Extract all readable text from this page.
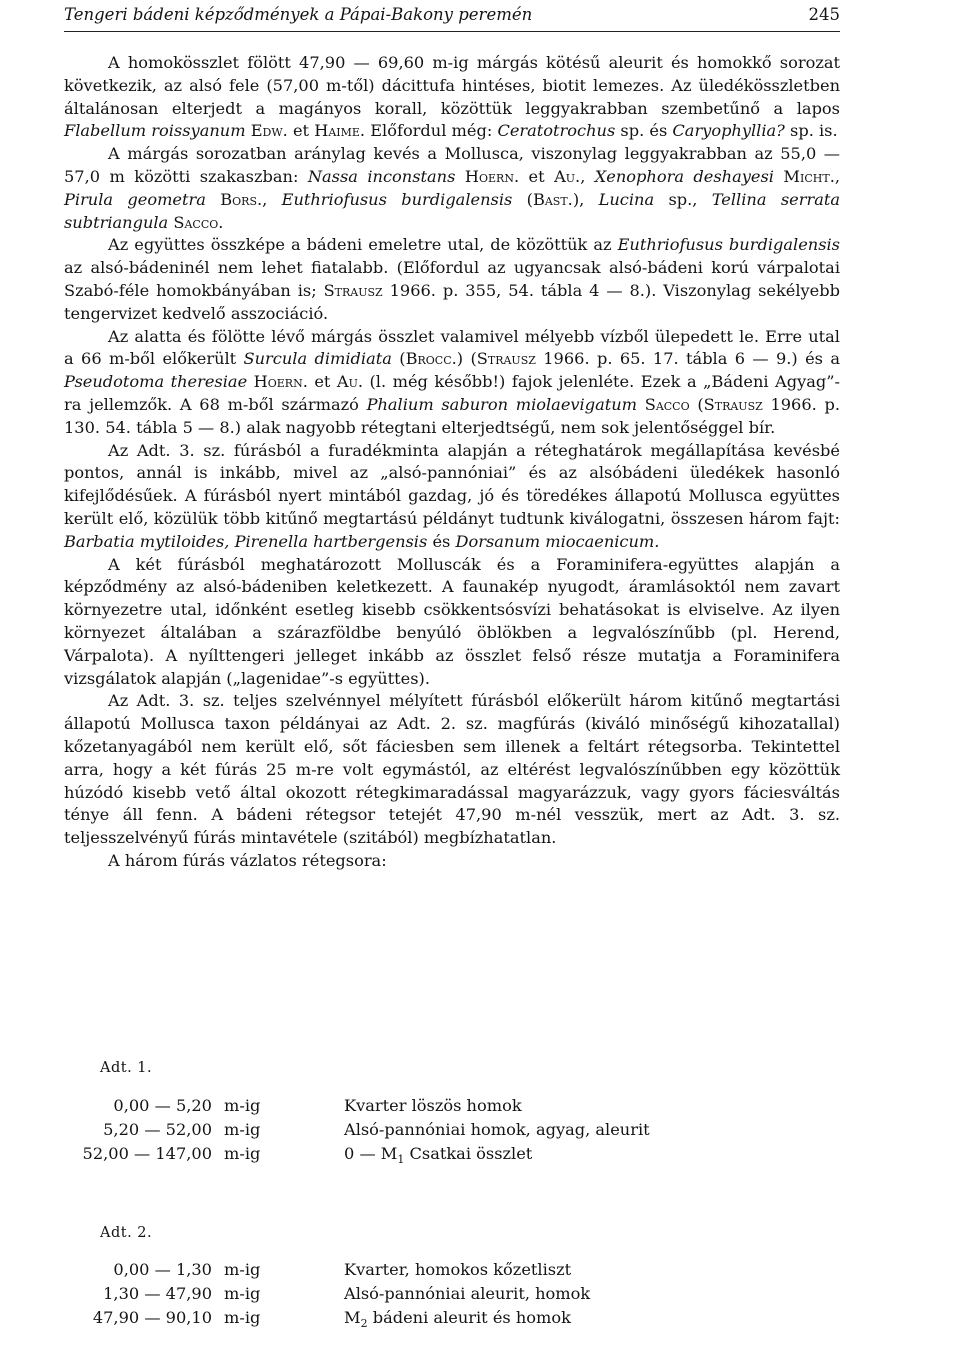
Tengeri bádeni képződmények a Pápai-Bakony peremén	245

A homokösszlet fölött 47,90 — 69,60 m-ig márgás kötésű aleurit és homokkő sorozat következik, az alsó fele (57,00 m-től) dácittufa hintéses, biotit lemezes. Az üledékösszletben általánosan elterjedt a magányos korall, közöttük leggyakrabban szembetűnő a lapos Flabellum roissyanum Edw. et Haime. Előfordul még: Ceratotrochus sp. és Caryophyllia? sp. is.

A márgás sorozatban aránylag kevés a Mollusca, viszonylag leggyakrabban az 55,0 — 57,0 m közötti szakaszban: Nassa inconstans Hoern. et Au., Xenophora deshayesi Micht., Pirula geometra Bors., Euthriofusus burdigalensis (Bast.), Lucina sp., Tellina serrata subtriangula Sacco.

Az együttes összképe a bádeni emeletre utal, de közöttük az Euthriofusus burdigalensis az alsó-bádeninél nem lehet fiatalabb. (Előfordul az ugyancsak alsó-bádeni korú várpalotai Szabó-féle homokbányában is; Strausz 1966. p. 355, 54. tábla 4 — 8.). Viszonylag sekélyebb tengervizet kedvelő asszociáció.

Az alatta és fölötte lévő márgás összlet valamivel mélyebb vízből ülepedett le. Erre utal a 66 m-ből előkerült Surcula dimidiata (Brocc.) (Strausz 1966. p. 65. 17. tábla 6 — 9.) és a Pseudotoma theresiae Hoern. et Au. (l. még később!) fajok jelenléte. Ezek a „Bádeni Agyag”-ra jellemzők. A 68 m-ből származó Phalium saburon miolaevigatum Sacco (Strausz 1966. p. 130. 54. tábla 5 — 8.) alak nagyobb rétegtani elterjedtségű, nem sok jelentőséggel bír.

Az Adt. 3. sz. fúrásból a furadékminta alapján a réteghatárok megállapítása kevésbé pontos, annál is inkább, mivel az „alsó-pannóniai” és az alsóbádeni üledékek hasonló kifejlődésűek. A fúrásból nyert mintából gazdag, jó és töredékes állapotú Mollusca együttes került elő, közülük több kitűnő megtartású példányt tudtunk kiválogatni, összesen három fajt: Barbatia mytiloides, Pirenella hartbergensis és Dorsanum miocaenicum.

A két fúrásból meghatározott Molluscák és a Foraminifera-együttes alapján a képződmény az alsó-bádeniben keletkezett. A faunakép nyugodt, áramlásoktól nem zavart környezetre utal, időnként esetleg kisebb csökkentsósvízi behatásokat is elviselve. Az ilyen környezet általában a szárazföldbe benyúló öblökben a legvalószínűbb (pl. Herend, Várpalota). A nyílttengeri jelleget inkább az összlet felső része mutatja a Foraminifera vizsgálatok alapján („lagenidae”-s együttes).

Az Adt. 3. sz. teljes szelvénnyel mélyített fúrásból előkerült három kitűnő megtartási állapotú Mollusca taxon példányai az Adt. 2. sz. magfúrás (kiváló minőségű kihozatallal) kőzetanyagából nem került elő, sőt fáciesben sem illenek a feltárt rétegsorba. Tekintettel arra, hogy a két fúrás 25 m-re volt egymástól, az eltérést legvalószínűbben egy közöttük húzódó kisebb vető által okozott rétegkimaradással magyarázzuk, vagy gyors fáciesváltás ténye áll fenn. A bádeni rétegsor tetejét 47,90 m-nél vesszük, mert az Adt. 3. sz. teljesszelvényű fúrás mintavétele (szitából) megbízhatatlan.

A három fúrás vázlatos rétegsora:

Adt. 1.
0,00 — 5,20 m-ig	Kvarter löszös homok
5,20 — 52,00 m-ig	Alsó-pannóniai homok, agyag, aleurit
52,00 — 147,00 m-ig	0 — $M_1$ Csatkai összlet
Adt. 2.
0,00 — 1,30 m-ig	Kvarter, homokos kőzetliszt
1,30 — 47,90 m-ig	Alsó-pannóniai aleurit, homok
47,90 — 90,10 m-ig	$M_2$ bádeni aleurit és homok
